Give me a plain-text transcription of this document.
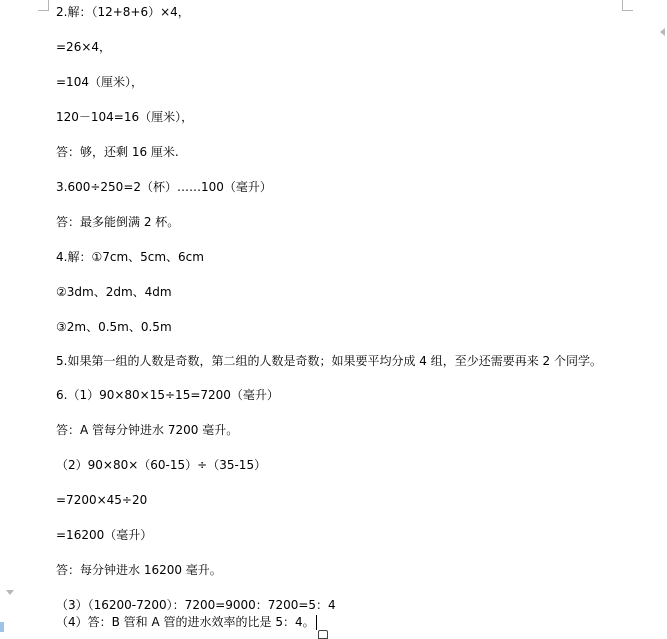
2.解：（12+8+6）×4，
=26×4，
=104（厘米），
120－104=16（厘米），
答：够，还剩 16 厘米.
3.600÷250=2（杯）……100（毫升）
答：最多能倒满 2 杯。
4.解：①7cm、5cm、6cm
②3dm、2dm、4dm
③2m、0.5m、0.5m
5.如果第一组的人数是奇数，第二组的人数是奇数；如果要平均分成 4 组，至少还需要再来 2 个同学。
6.（1）90×80×15÷15=7200（毫升）
答：A 管每分钟进水 7200 毫升。
（2）90×80×（60-15）÷（35-15）
=7200×45÷20
=16200（毫升）
答：每分钟进水 16200 毫升。
（3）（16200-7200）：7200=9000：7200=5：4
（4）答：B 管和 A 管的进水效率的比是 5：4。
